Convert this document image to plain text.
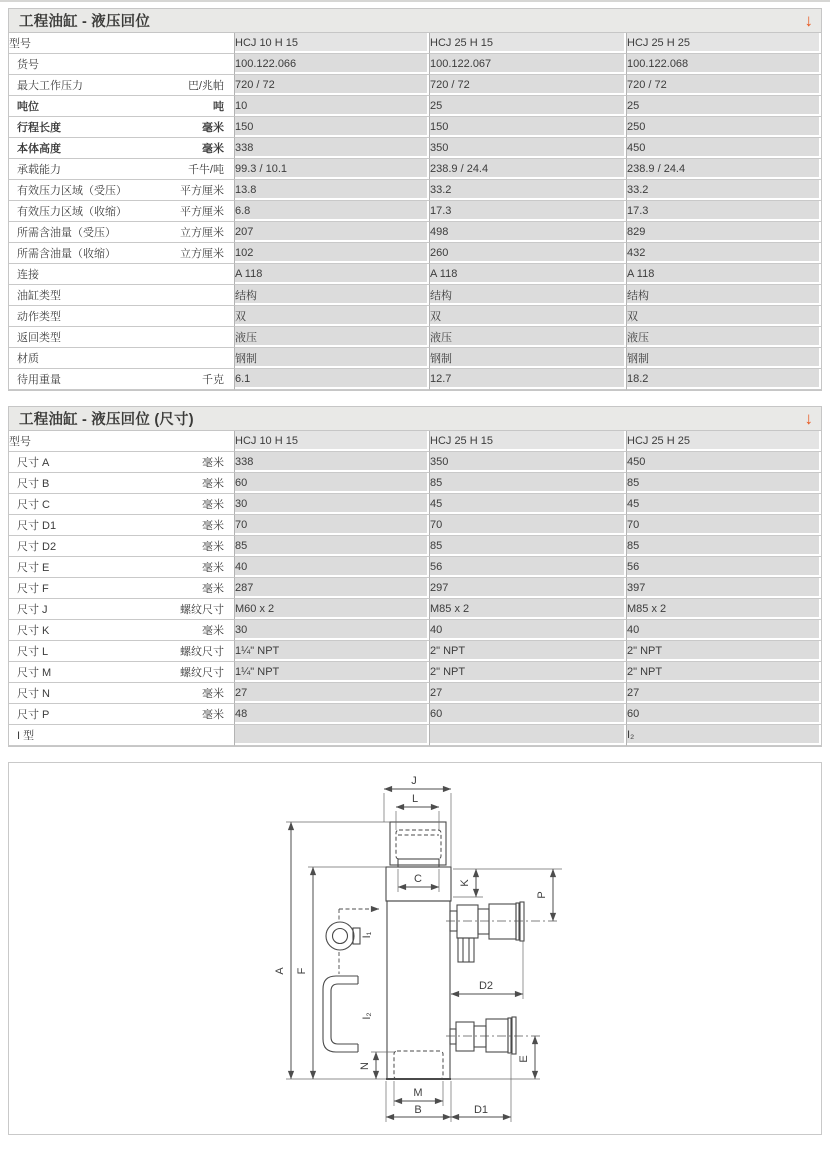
工程油缸 - 液压回位	↓
型号	HCJ 10 H 15	HCJ 25 H 15	HCJ 25 H 25

货号	100.122.066	100.122.067	100.122.068

最大工作压力 巴/兆帕	720 / 72	720 / 72	720 / 72

吨位 吨	10	25	25

行程长度 毫米	150	150	250

本体高度 毫米	338	350	450

承载能力 千牛/吨	99.3 / 10.1	238.9 / 24.4	238.9 / 24.4

有效压力区域（受压） 平方厘米	13.8	33.2	33.2

有效压力区域（收缩） 平方厘米	6.8	17.3	17.3

所需含油量（受压） 立方厘米	207	498	829

所需含油量（收缩） 立方厘米	102	260	432

连接	A 118	A 118	A 118

油缸类型	结构	结构	结构

动作类型	双	双	双

返回类型	液压	液压	液压

材质	钢制	钢制	钢制

待用重量 千克	6.1	12.7	18.2
工程油缸 - 液压回位 (尺寸)	↓
型号	HCJ 10 H 15	HCJ 25 H 15	HCJ 25 H 25

尺寸 A 毫米	338	350	450

尺寸 B 毫米	60	85	85

尺寸 C 毫米	30	45	45

尺寸 D1 毫米	70	70	70

尺寸 D2 毫米	85	85	85

尺寸 E 毫米	40	56	56

尺寸 F 毫米	287	297	397

尺寸 J 螺纹尺寸	M60 x 2	M85 x 2	M85 x 2

尺寸 K 毫米	30	40	40

尺寸 L 螺纹尺寸	1¼" NPT	2" NPT	2" NPT

尺寸 M 螺纹尺寸	1¼" NPT	2" NPT	2" NPT

尺寸 N 毫米	27	27	27

尺寸 P 毫米	48	60	60

I 型			I₂
J
L
C	K
P
A F
I₁
I₂
D2
N
M
B	D1
E
